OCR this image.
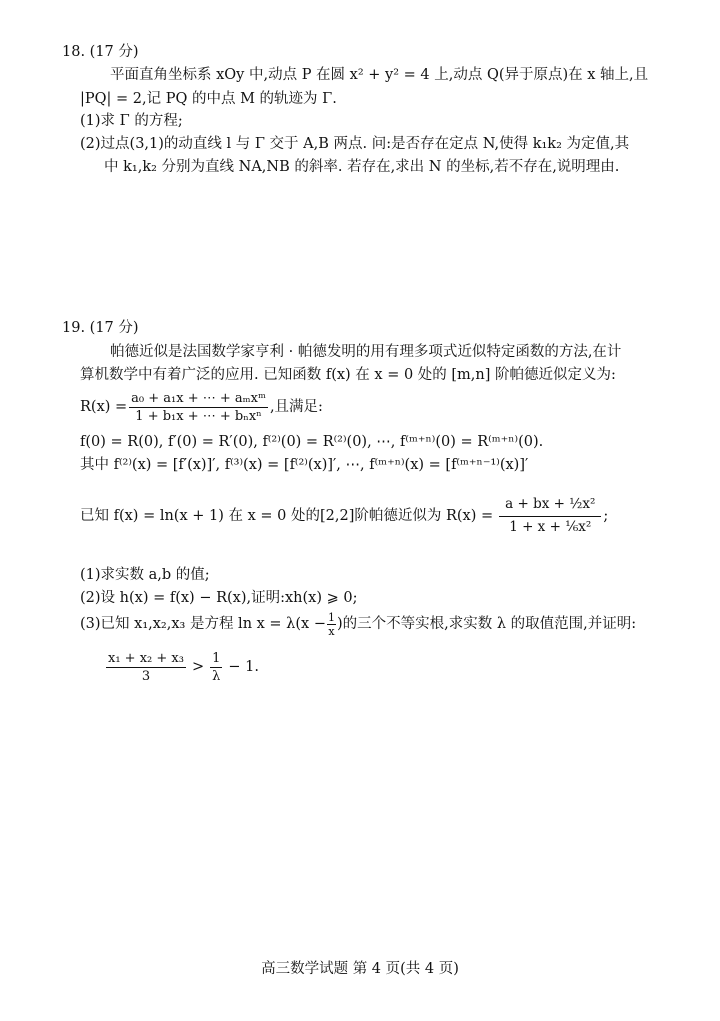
18. (17 分)
平面直角坐标系 xOy 中,动点 P 在圆 x² + y² = 4 上,动点 Q(异于原点)在 x 轴上,且
|PQ| = 2,记 PQ 的中点 M 的轨迹为 Γ.
(1)求 Γ 的方程;
(2)过点(3,1)的动直线 l 与 Γ 交于 A,B 两点. 问:是否存在定点 N,使得 k₁k₂ 为定值,其
中 k₁,k₂ 分别为直线 NA,NB 的斜率. 若存在,求出 N 的坐标,若不存在,说明理由.
19. (17 分)
帕德近似是法国数学家亨利 · 帕德发明的用有理多项式近似特定函数的方法,在计
算机数学中有着广泛的应用. 已知函数 f(x) 在 x = 0 处的 [m,n] 阶帕德近似定义为:
$R(x) = \frac{\text{a₀ + a₁x + ⋯ + aₘxᵐ}}{\text{1 + b₁x + ⋯ + bₙxⁿ}}$ ,且满足:
f(0) = R(0), f′(0) = R′(0), f⁽²⁾(0) = R⁽²⁾(0), ⋯, f⁽ᵐ⁺ⁿ⁾(0) = R⁽ᵐ⁺ⁿ⁾(0).
其中 f⁽²⁾(x) = [f′(x)]′, f⁽³⁾(x) = [f⁽²⁾(x)]′, ⋯, f⁽ᵐ⁺ⁿ⁾(x) = [f⁽ᵐ⁺ⁿ⁻¹⁾(x)]′
已知 f(x) = ln(x + 1) 在 x = 0 处的[2,2]阶帕德近似为 $R(x) = \frac{\text{a + bx + ½x²}}{\text{1 + x + ⅙x²}}$ ;
(1)求实数 a,b 的值;
(2)设 h(x) = f(x) − R(x),证明:xh(x) ⩾ 0;
(3)已知 x₁,x₂,x₃ 是方程 $\ln x = \lambda(x - \frac{1}{x}$ )的三个不等实根,求实数 λ 的取值范围,并证明:
$\frac{\text{x₁ + x₂ + x₃}}{3} > \frac{1}{\lambda} - 1$.
高三数学试题 第 4 页(共 4 页)
